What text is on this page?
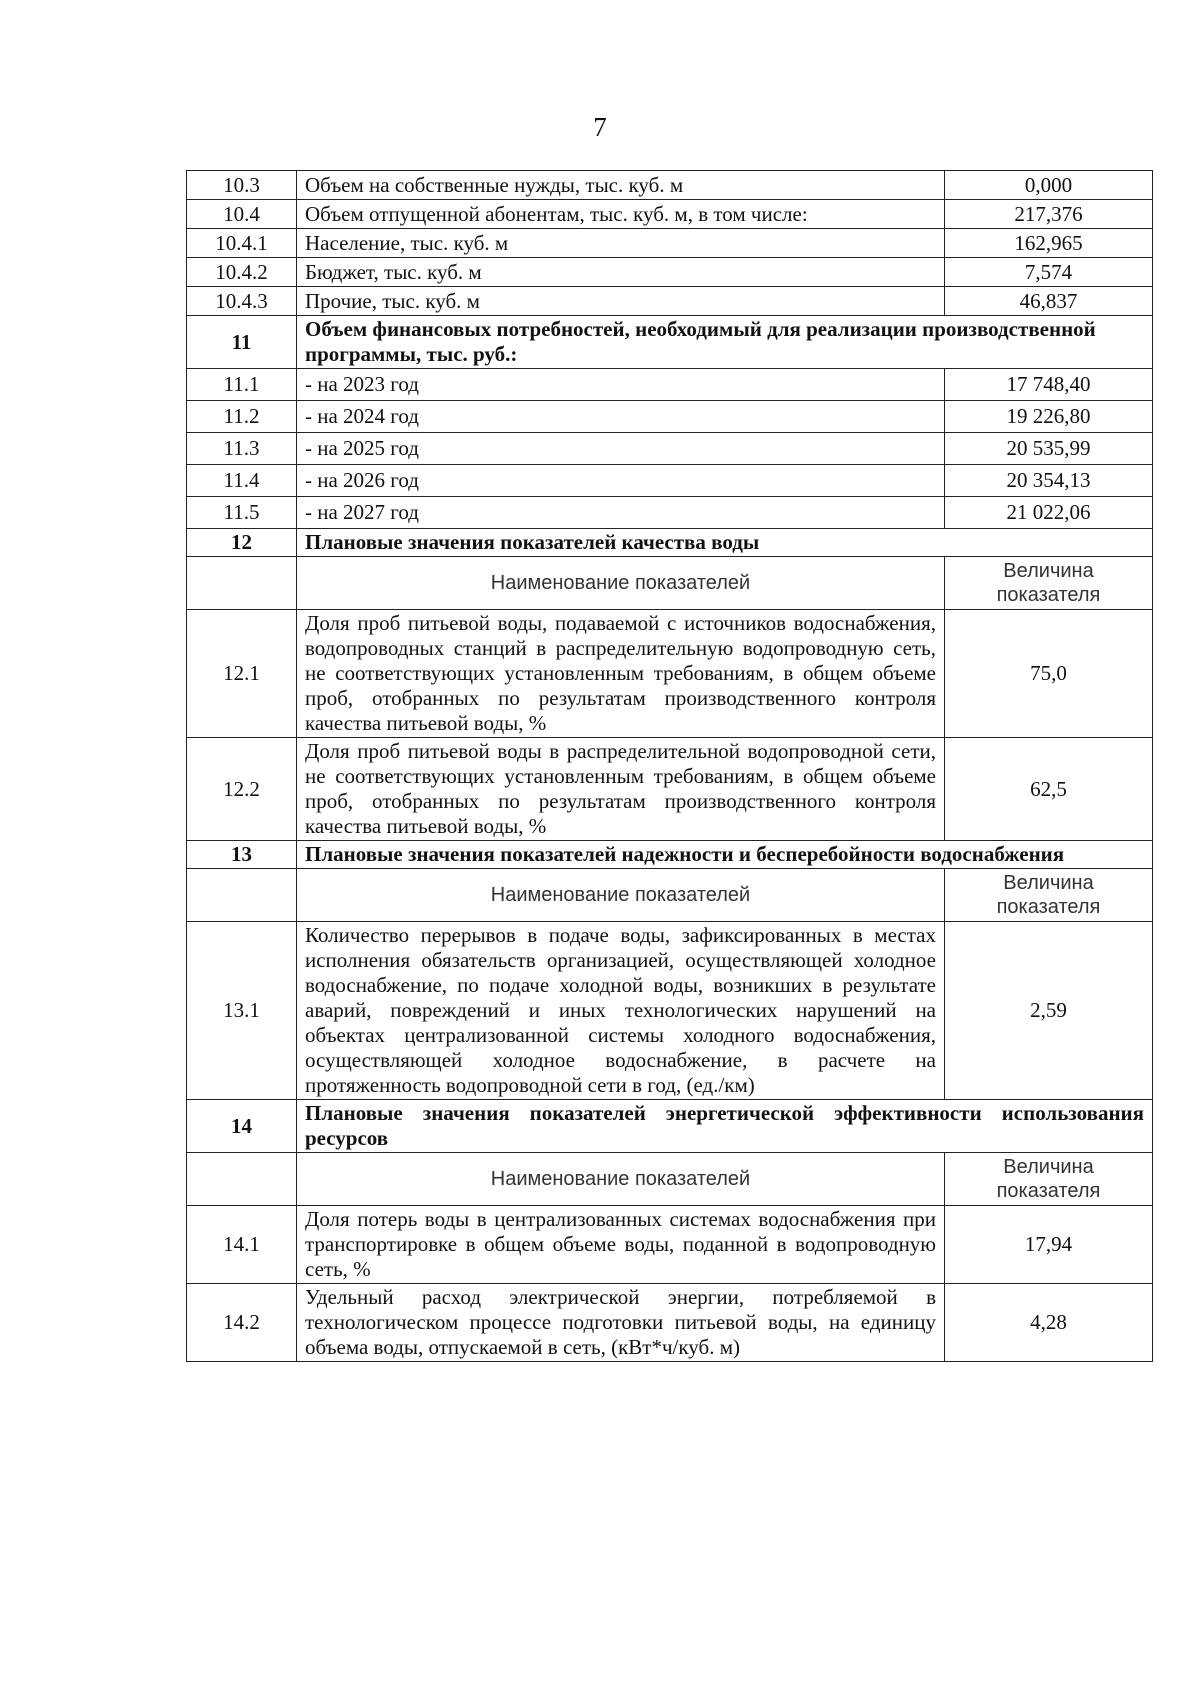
7
10.3	Объем на собственные нужды, тыс. куб. м	0,000
10.4	Объем отпущенной абонентам, тыс. куб. м, в том числе:	217,376
10.4.1	Население, тыс. куб. м	162,965
10.4.2	Бюджет, тыс. куб. м	7,574
10.4.3	Прочие, тыс. куб. м	46,837
11	Объем финансовых потребностей, необходимый для реализации производственной программы, тыс. руб.:	
11.1	- на 2023 год	17 748,40
11.2	- на 2024 год	19 226,80
11.3	- на 2025 год	20 535,99
11.4	- на 2026 год	20 354,13
11.5	- на 2027 год	21 022,06
12	Плановые значения показателей качества воды	
	Наименование показателей	Величина показателя
12.1	Доля проб питьевой воды, подаваемой с источников водоснабжения, водопроводных станций в распределительную водопроводную сеть, не соответствующих установленным требованиям, в общем объеме проб, отобранных по результатам производственного контроля качества питьевой воды, %	75,0
12.2	Доля проб питьевой воды в распределительной водопроводной сети, не соответствующих установленным требованиям, в общем объеме проб, отобранных по результатам производственного контроля качества питьевой воды, %	62,5
13	Плановые значения показателей надежности и бесперебойности водоснабжения	
	Наименование показателей	Величина показателя
13.1	Количество перерывов в подаче воды, зафиксированных в местах исполнения обязательств организацией, осуществляющей холодное водоснабжение, по подаче холодной воды, возникших в результате аварий, повреждений и иных технологических нарушений на объектах централизованной системы холодного водоснабжения, осуществляющей холодное водоснабжение, в расчете на протяженность водопроводной сети в год, (ед./км)	2,59
14	Плановые значения показателей энергетической эффективности использования ресурсов	
	Наименование показателей	Величина показателя
14.1	Доля потерь воды в централизованных системах водоснабжения при транспортировке в общем объеме воды, поданной в водопроводную сеть, %	17,94
14.2	Удельный расход электрической энергии, потребляемой в технологическом процессе подготовки питьевой воды, на единицу объема воды, отпускаемой в сеть, (кВт*ч/куб. м)	4,28
